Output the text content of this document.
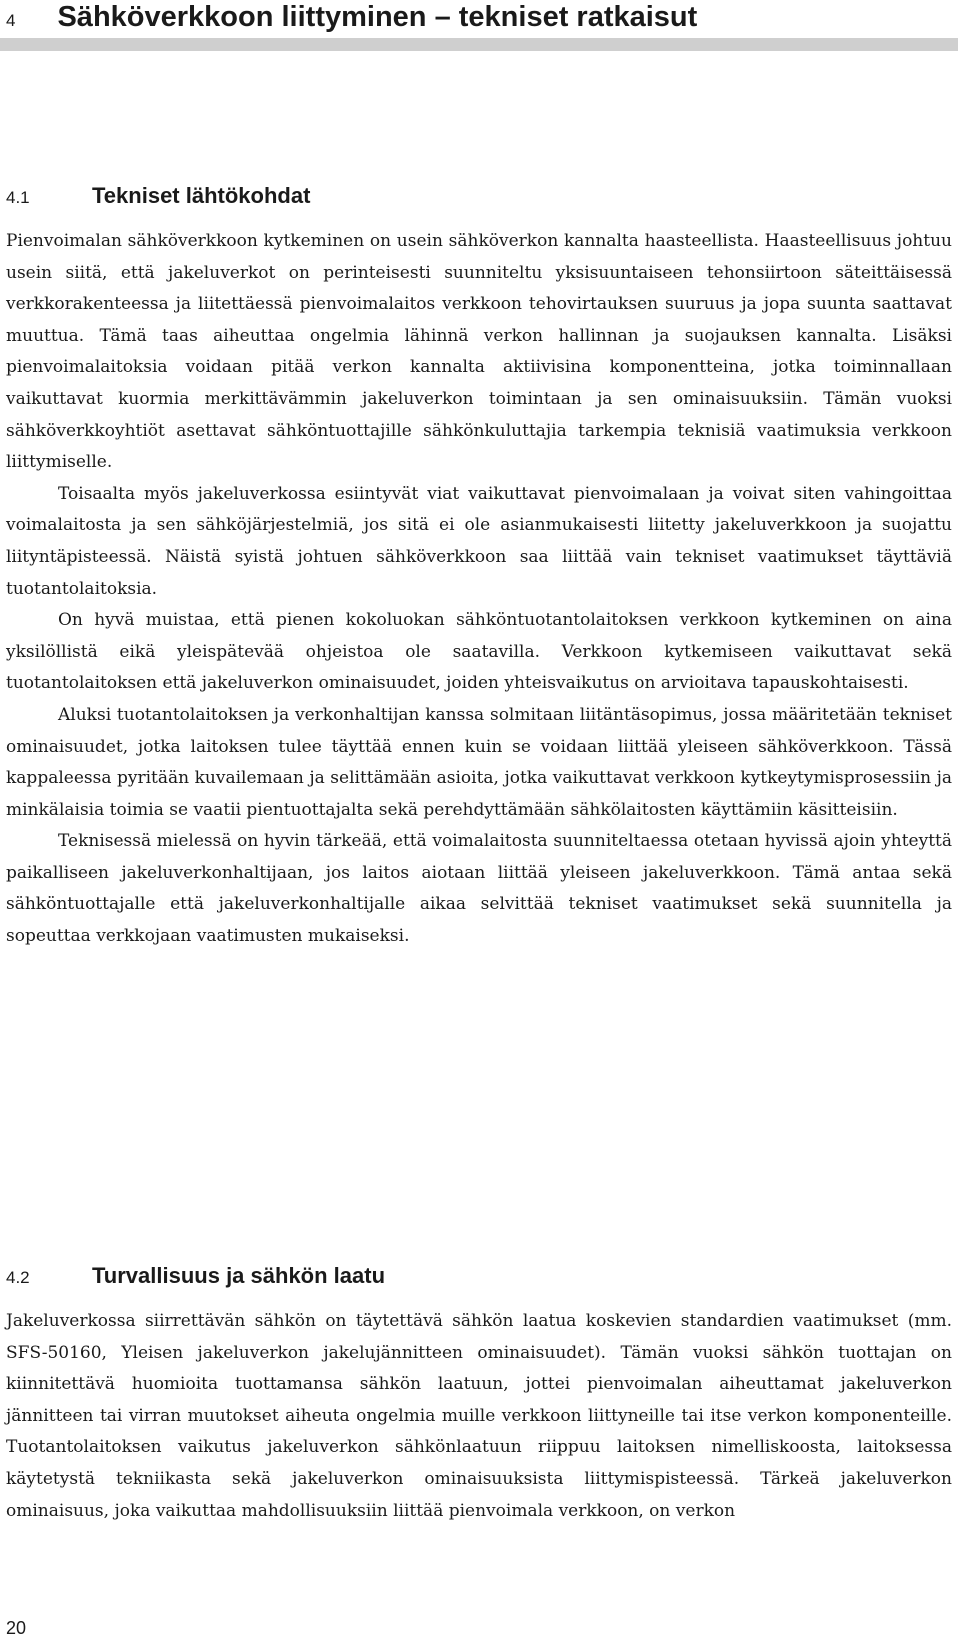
4 Sähköverkkoon liittyminen – tekniset ratkaisut
4.1	Tekniset lähtökohdat

Pienvoimalan sähköverkkoon kytkeminen on usein sähköverkon kannalta haasteellista. Haasteellisuus johtuu usein siitä, että jakeluverkot on perinteisesti suunniteltu yksisuuntaiseen tehonsiirtoon säteittäisessä verkkorakenteessa ja liitettäessä pienvoimalaitos verkkoon tehovirtauksen suuruus ja jopa suunta saattavat muuttua. Tämä taas aiheuttaa ongelmia lähinnä verkon hallinnan ja suojauksen kannalta. Lisäksi pienvoimalaitoksia voidaan pitää verkon kannalta aktiivisina komponentteina, jotka toiminnallaan vaikuttavat kuormia merkittävämmin jakeluverkon toimintaan ja sen ominaisuuksiin. Tämän vuoksi sähköverkkoyhtiöt asettavat sähköntuottajille sähkönkuluttajia tarkempia teknisiä vaatimuksia verkkoon liittymiselle.

Toisaalta myös jakeluverkossa esiintyvät viat vaikuttavat pienvoimalaan ja voivat siten vahingoittaa voimalaitosta ja sen sähköjärjestelmiä, jos sitä ei ole asianmukaisesti liitetty jakeluverkkoon ja suojattu liityntäpisteessä. Näistä syistä johtuen sähköverkkoon saa liittää vain tekniset vaatimukset täyttäviä tuotantolaitoksia.

On hyvä muistaa, että pienen kokoluokan sähköntuotantolaitoksen verkkoon kytkeminen on aina yksilöllistä eikä yleispätevää ohjeistoa ole saatavilla. Verkkoon kytkemiseen vaikuttavat sekä tuotantolaitoksen että jakeluverkon ominaisuudet, joiden yhteisvaikutus on arvioitava tapauskohtaisesti.

Aluksi tuotantolaitoksen ja verkonhaltijan kanssa solmitaan liitäntäsopimus, jossa määritetään tekniset ominaisuudet, jotka laitoksen tulee täyttää ennen kuin se voidaan liittää yleiseen sähköverkkoon. Tässä kappaleessa pyritään kuvailemaan ja selittämään asioita, jotka vaikuttavat verkkoon kytkeytymisprosessiin ja minkälaisia toimia se vaatii pientuottajalta sekä perehdyttämään sähkölaitosten käyttämiin käsitteisiin.

Teknisessä mielessä on hyvin tärkeää, että voimalaitosta suunniteltaessa otetaan hyvissä ajoin yhteyttä paikalliseen jakeluverkonhaltijaan, jos laitos aiotaan liittää yleiseen jakeluverkkoon. Tämä antaa sekä sähköntuottajalle että jakeluverkonhaltijalle aikaa selvittää tekniset vaatimukset sekä suunnitella ja sopeuttaa verkkojaan vaatimusten mukaiseksi.

4.2	Turvallisuus ja sähkön laatu

Jakeluverkossa siirrettävän sähkön on täytettävä sähkön laatua koskevien standardien vaatimukset (mm. SFS-50160, Yleisen jakeluverkon jakelujännitteen ominaisuudet). Tämän vuoksi sähkön tuottajan on kiinnitettävä huomioita tuottamansa sähkön laatuun, jottei pienvoimalan aiheuttamat jakeluverkon jännitteen tai virran muutokset aiheuta ongelmia muille verkkoon liittyneille tai itse verkon komponenteille. Tuotantolaitoksen vaikutus jakeluverkon sähkönlaatuun riippuu laitoksen nimelliskoosta, laitoksessa käytetystä tekniikasta sekä jakeluverkon ominaisuuksista liittymispisteessä. Tärkeä jakeluverkon ominaisuus, joka vaikuttaa mahdollisuuksiin liittää pienvoimala verkkoon, on verkon

20
